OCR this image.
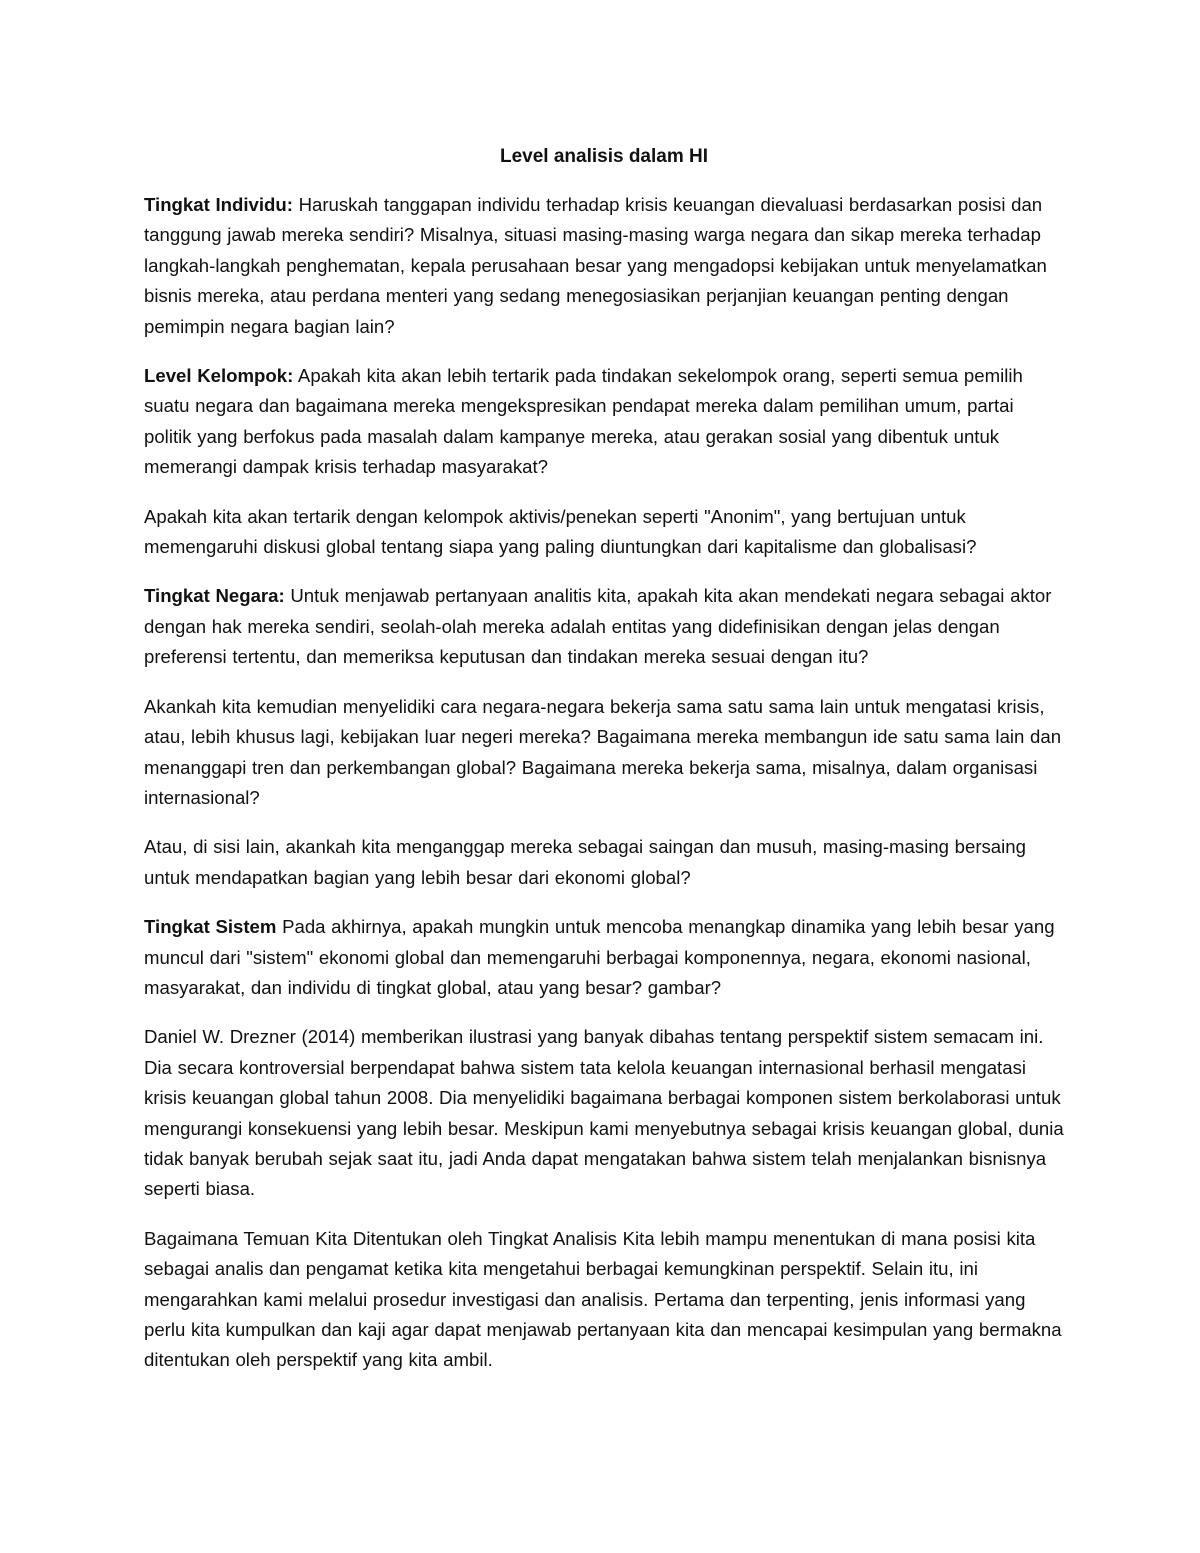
Level analisis dalam HI

Tingkat Individu: Haruskah tanggapan individu terhadap krisis keuangan dievaluasi berdasarkan posisi dan tanggung jawab mereka sendiri? Misalnya, situasi masing-masing warga negara dan sikap mereka terhadap langkah-langkah penghematan, kepala perusahaan besar yang mengadopsi kebijakan untuk menyelamatkan bisnis mereka, atau perdana menteri yang sedang menegosiasikan perjanjian keuangan penting dengan pemimpin negara bagian lain?

Level Kelompok: Apakah kita akan lebih tertarik pada tindakan sekelompok orang, seperti semua pemilih suatu negara dan bagaimana mereka mengekspresikan pendapat mereka dalam pemilihan umum, partai politik yang berfokus pada masalah dalam kampanye mereka, atau gerakan sosial yang dibentuk untuk memerangi dampak krisis terhadap masyarakat?

Apakah kita akan tertarik dengan kelompok aktivis/penekan seperti "Anonim", yang bertujuan untuk memengaruhi diskusi global tentang siapa yang paling diuntungkan dari kapitalisme dan globalisasi?

Tingkat Negara: Untuk menjawab pertanyaan analitis kita, apakah kita akan mendekati negara sebagai aktor dengan hak mereka sendiri, seolah-olah mereka adalah entitas yang didefinisikan dengan jelas dengan preferensi tertentu, dan memeriksa keputusan dan tindakan mereka sesuai dengan itu?

Akankah kita kemudian menyelidiki cara negara-negara bekerja sama satu sama lain untuk mengatasi krisis, atau, lebih khusus lagi, kebijakan luar negeri mereka? Bagaimana mereka membangun ide satu sama lain dan menanggapi tren dan perkembangan global? Bagaimana mereka bekerja sama, misalnya, dalam organisasi internasional?

Atau, di sisi lain, akankah kita menganggap mereka sebagai saingan dan musuh, masing-masing bersaing untuk mendapatkan bagian yang lebih besar dari ekonomi global?

Tingkat Sistem Pada akhirnya, apakah mungkin untuk mencoba menangkap dinamika yang lebih besar yang muncul dari "sistem" ekonomi global dan memengaruhi berbagai komponennya, negara, ekonomi nasional, masyarakat, dan individu di tingkat global, atau yang besar? gambar?

Daniel W. Drezner (2014) memberikan ilustrasi yang banyak dibahas tentang perspektif sistem semacam ini. Dia secara kontroversial berpendapat bahwa sistem tata kelola keuangan internasional berhasil mengatasi krisis keuangan global tahun 2008. Dia menyelidiki bagaimana berbagai komponen sistem berkolaborasi untuk mengurangi konsekuensi yang lebih besar. Meskipun kami menyebutnya sebagai krisis keuangan global, dunia tidak banyak berubah sejak saat itu, jadi Anda dapat mengatakan bahwa sistem telah menjalankan bisnisnya seperti biasa.

Bagaimana Temuan Kita Ditentukan oleh Tingkat Analisis Kita lebih mampu menentukan di mana posisi kita sebagai analis dan pengamat ketika kita mengetahui berbagai kemungkinan perspektif. Selain itu, ini mengarahkan kami melalui prosedur investigasi dan analisis. Pertama dan terpenting, jenis informasi yang perlu kita kumpulkan dan kaji agar dapat menjawab pertanyaan kita dan mencapai kesimpulan yang bermakna ditentukan oleh perspektif yang kita ambil.
